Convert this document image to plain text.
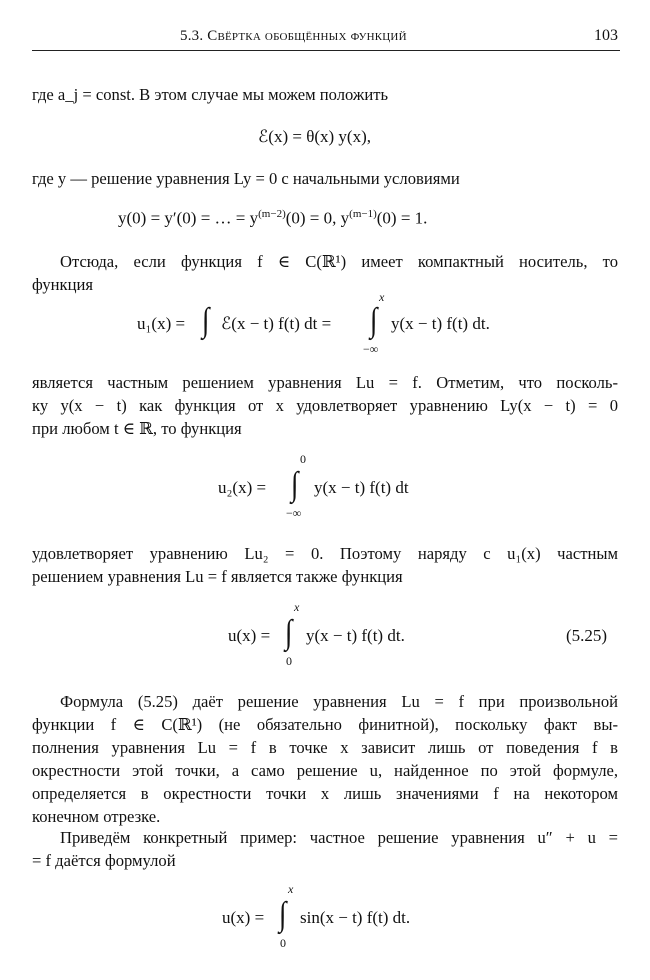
5.3. Свёртка обобщённых функций	103
где a_j = const. В этом случае мы можем положить
ℰ(x) = θ(x) y(x),
где y — решение уравнения Ly = 0 с начальными условиями
y(0) = y′(0) = … = $y^{(m-2)}(0) = 0$, $y^{(m-1)}(0) = 1$.
Отсюда, если функция f ∈ C(ℝ¹) имеет компактный носитель, то
функция
u₁(x) = ∫ ℰ(x − t) f(t) dt =
x
∫
−∞
y(x − t) f(t) dt.
является частным решением уравнения Lu = f. Отметим, что посколь-
ку y(x − t) как функция от x удовлетворяет уравнению Ly(x − t) = 0
при любом t ∈ ℝ, то функция
u₂(x) =
0
∫
−∞
y(x − t) f(t) dt
удовлетворяет уравнению Lu₂ = 0. Поэтому наряду с u₁(x) частным
решением уравнения Lu = f является также функция
u(x) =
x
∫
0
y(x − t) f(t) dt.	(5.25)
Формула (5.25) даёт решение уравнения Lu = f при произвольной
функции f ∈ C(ℝ¹) (не обязательно финитной), поскольку факт вы-
полнения уравнения Lu = f в точке x зависит лишь от поведения f в
окрестности этой точки, а само решение u, найденное по этой формуле,
определяется в окрестности точки x лишь значениями f на некотором
конечном отрезке.
Приведём конкретный пример: частное решение уравнения u″ + u =
= f даётся формулой
u(x) =
x
∫
0
sin(x − t) f(t) dt.
